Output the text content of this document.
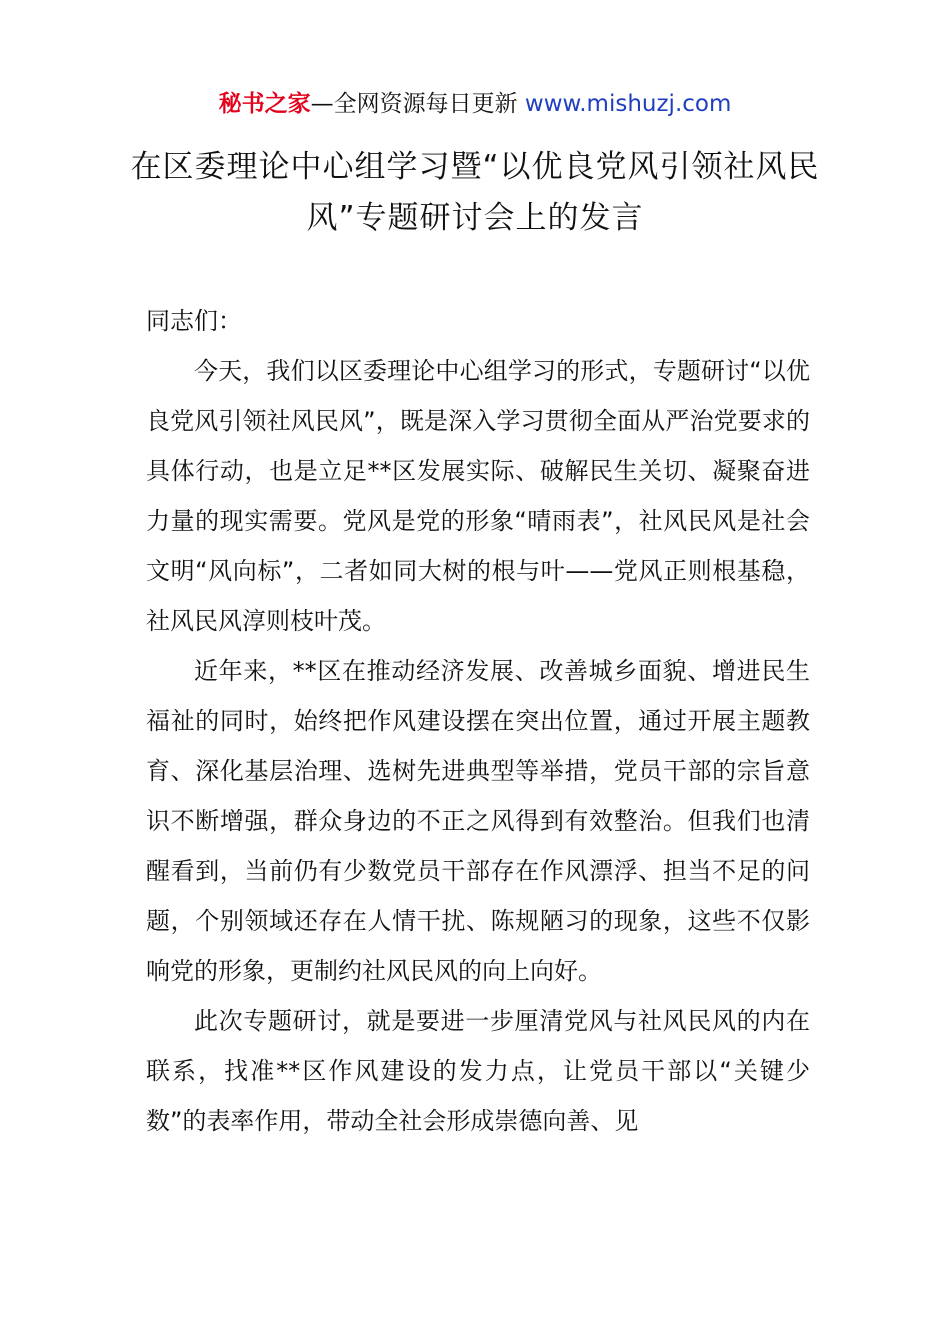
秘书之家—全网资源每日更新 www.mishuzj.com
在区委理论中心组学习暨“以优良党风引领社风民风”专题研讨会上的发言

同志们：

今天，我们以区委理论中心组学习的形式，专题研讨“以优良党风引领社风民风”，既是深入学习贯彻全面从严治党要求的具体行动，也是立足**区发展实际、破解民生关切、凝聚奋进力量的现实需要。党风是党的形象“晴雨表”，社风民风是社会文明“风向标”，二者如同大树的根与叶——党风正则根基稳，社风民风淳则枝叶茂。

近年来，**区在推动经济发展、改善城乡面貌、增进民生福祉的同时，始终把作风建设摆在突出位置，通过开展主题教育、深化基层治理、选树先进典型等举措，党员干部的宗旨意识不断增强，群众身边的不正之风得到有效整治。但我们也清醒看到，当前仍有少数党员干部存在作风漂浮、担当不足的问题，个别领域还存在人情干扰、陈规陋习的现象，这些不仅影响党的形象，更制约社风民风的向上向好。

此次专题研讨，就是要进一步厘清党风与社风民风的内在联系，找准**区作风建设的发力点，让党员干部以“关键少数”的表率作用，带动全社会形成崇德向善、见
